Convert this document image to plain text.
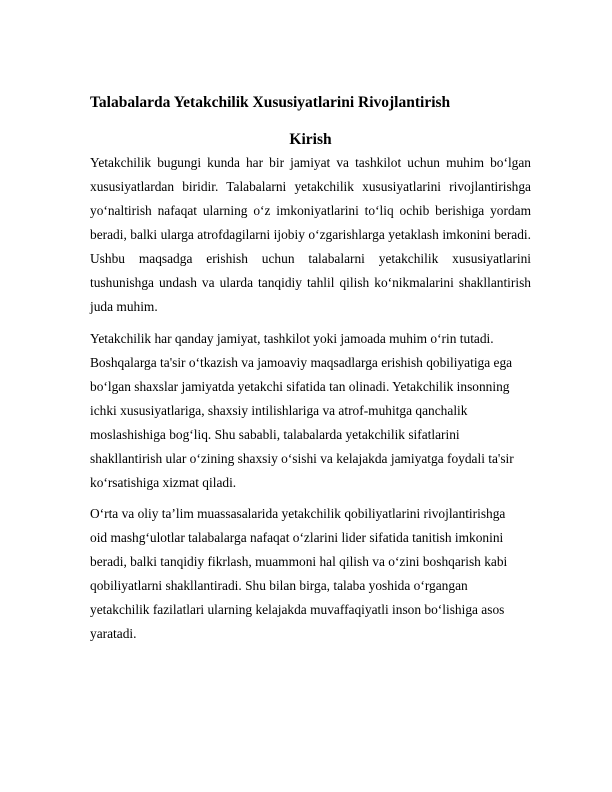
Talabalarda Yetakchilik Xususiyatlarini Rivojlantirish
Kirish

Yetakchilik bugungi kunda har bir jamiyat va tashkilot uchun muhim bo‘lgan xususiyatlardan biridir. Talabalarni yetakchilik xususiyatlarini rivojlantirishga yo‘naltirish nafaqat ularning o‘z imkoniyatlarini to‘liq ochib berishiga yordam beradi, balki ularga atrofdagilarni ijobiy o‘zgarishlarga yetaklash imkonini beradi. Ushbu maqsadga erishish uchun talabalarni yetakchilik xususiyatlarini tushunishga undash va ularda tanqidiy tahlil qilish ko‘nikmalarini shakllantirish juda muhim.

Yetakchilik har qanday jamiyat, tashkilot yoki jamoada muhim o‘rin tutadi. Boshqalarga ta'sir o‘tkazish va jamoaviy maqsadlarga erishish qobiliyatiga ega bo‘lgan shaxslar jamiyatda yetakchi sifatida tan olinadi. Yetakchilik insonning ichki xususiyatlariga, shaxsiy intilishlariga va atrof-muhitga qanchalik moslashishiga bog‘liq. Shu sababli, talabalarda yetakchilik sifatlarini shakllantirish ular o‘zining shaxsiy o‘sishi va kelajakda jamiyatga foydali ta'sir ko‘rsatishiga xizmat qiladi.

O‘rta va oliy ta’lim muassasalarida yetakchilik qobiliyatlarini rivojlantirishga oid mashg‘ulotlar talabalarga nafaqat o‘zlarini lider sifatida tanitish imkonini beradi, balki tanqidiy fikrlash, muammoni hal qilish va o‘zini boshqarish kabi qobiliyatlarni shakllantiradi. Shu bilan birga, talaba yoshida o‘rgangan yetakchilik fazilatlari ularning kelajakda muvaffaqiyatli inson bo‘lishiga asos yaratadi.
